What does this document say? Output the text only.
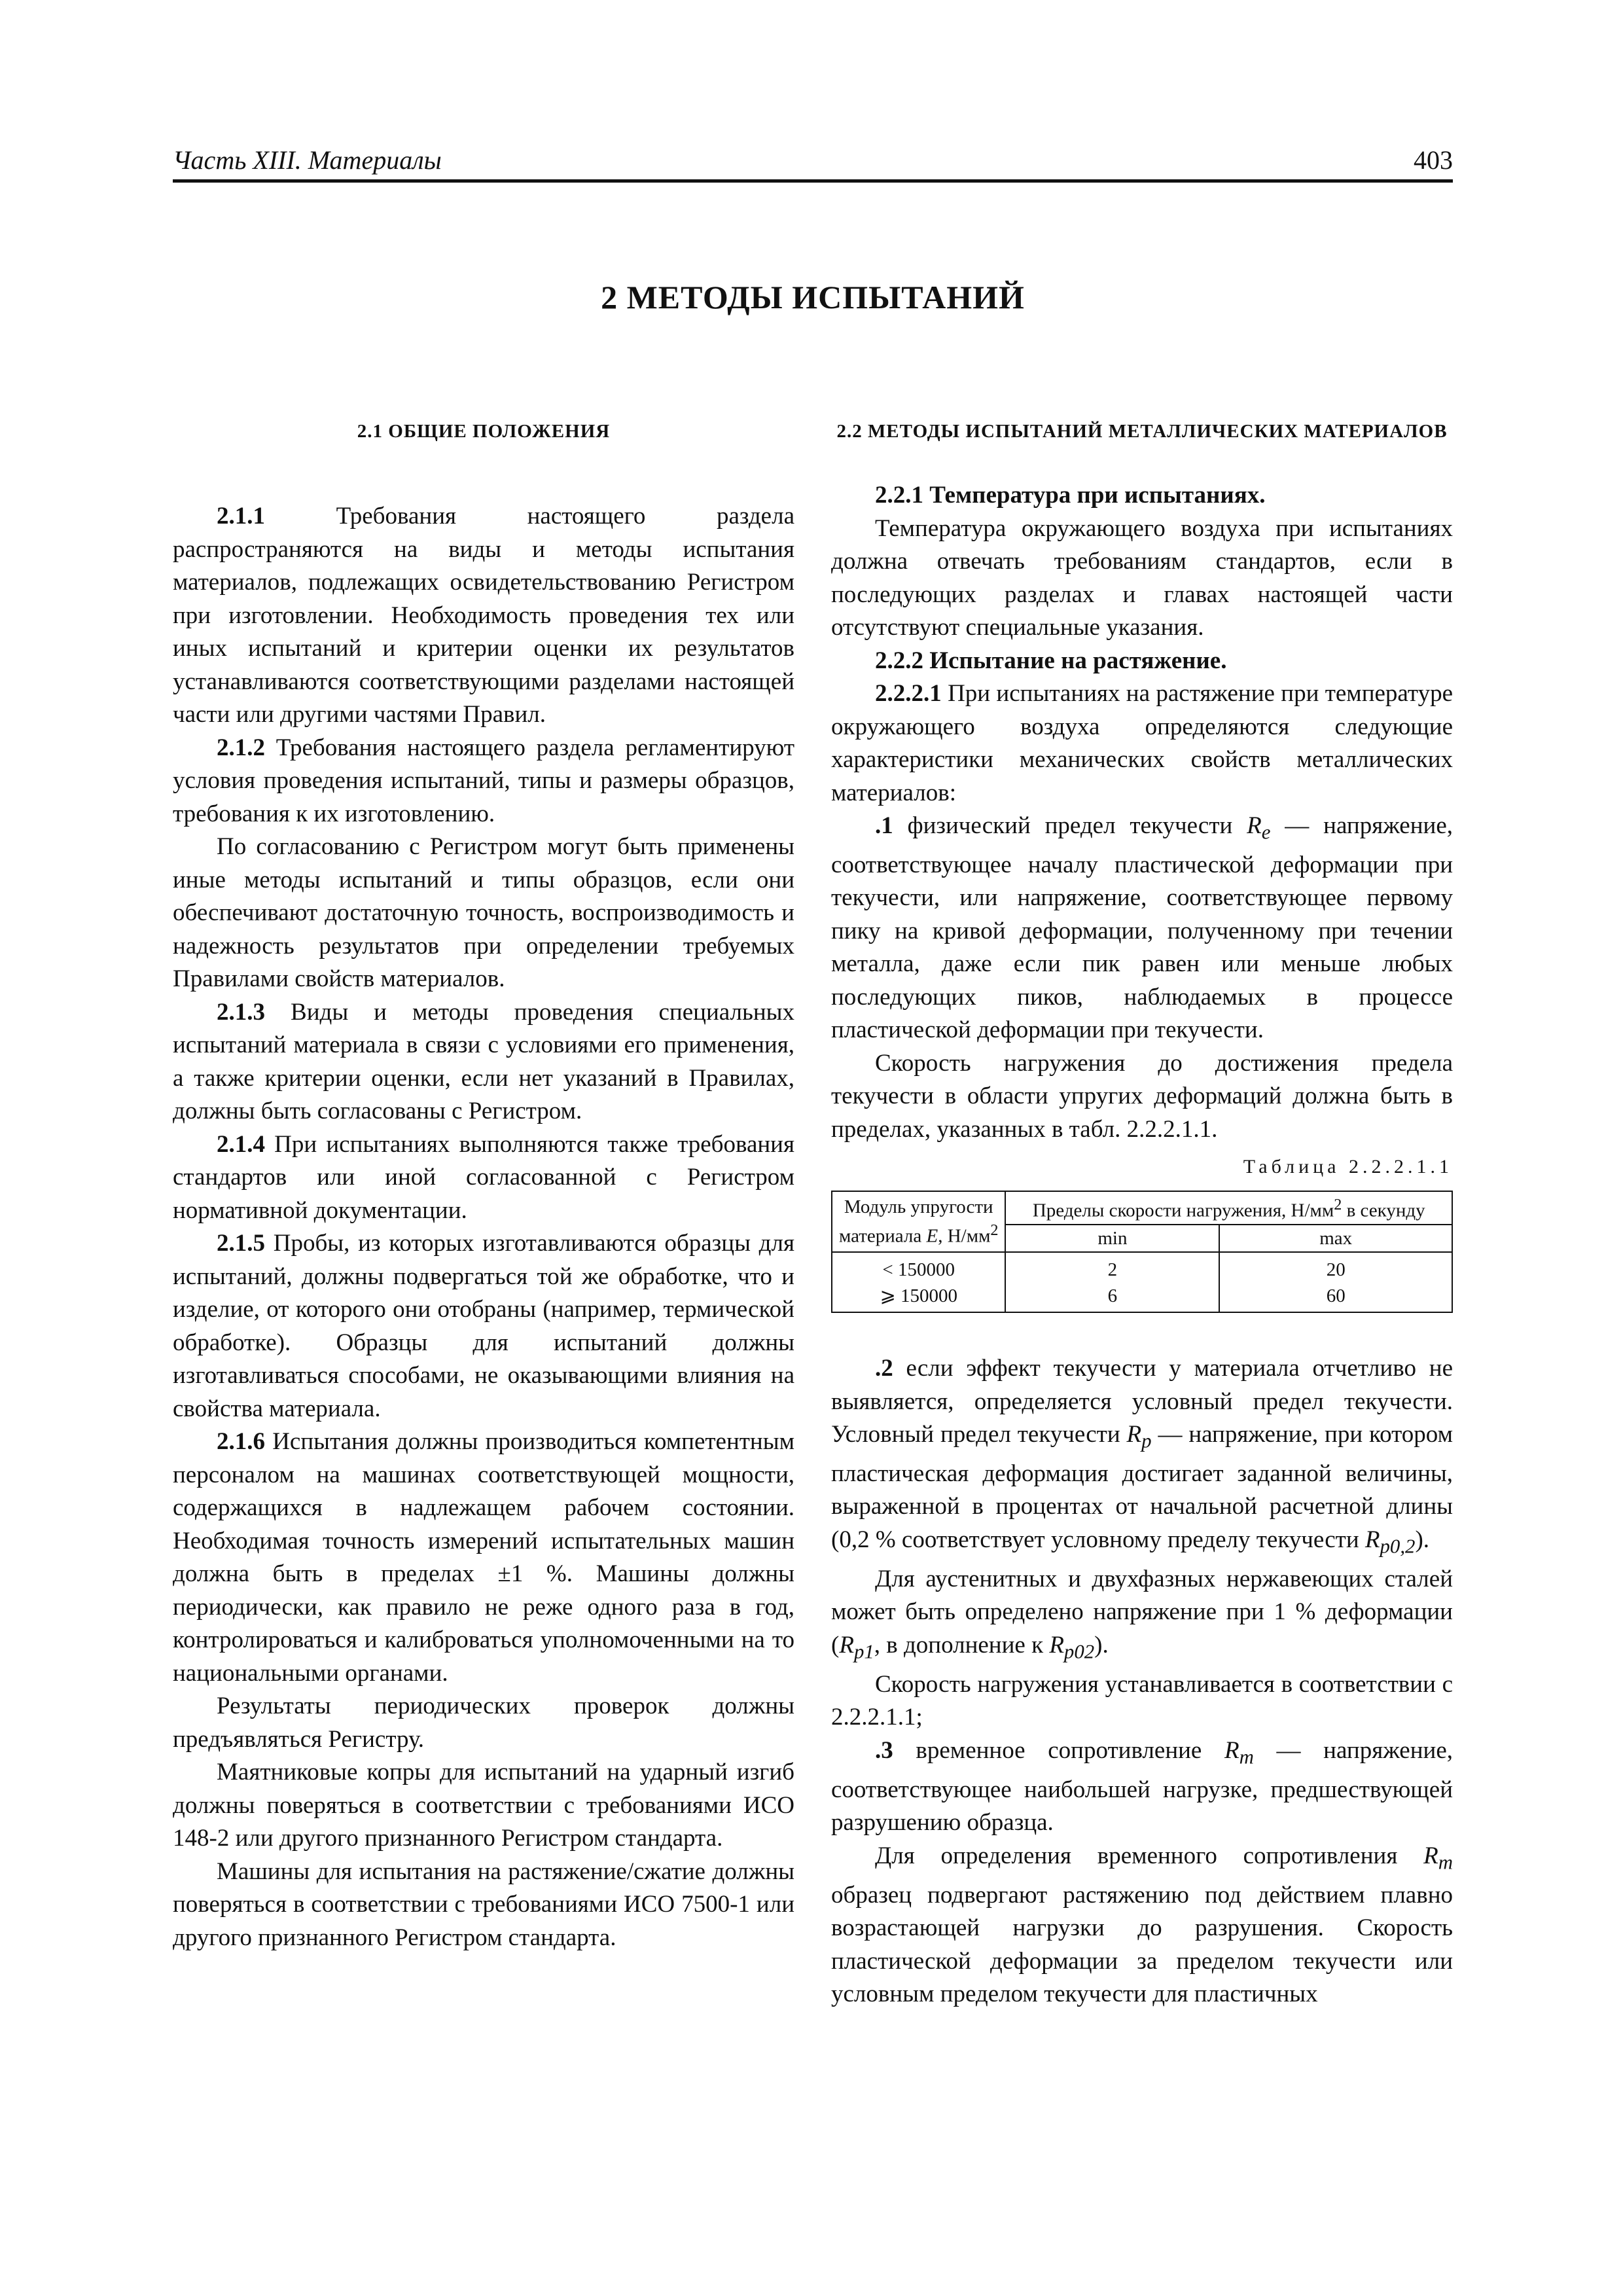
Часть XIII. Материалы	403
2 МЕТОДЫ ИСПЫТАНИЙ
2.1 ОБЩИЕ ПОЛОЖЕНИЯ

2.1.1 Требования настоящего раздела распространяются на виды и методы испытания материалов, подлежащих освидетельствованию Регистром при изготовлении. Необходимость проведения тех или иных испытаний и критерии оценки их результатов устанавливаются соответствующими разделами настоящей части или другими частями Правил.

2.1.2 Требования настоящего раздела регламентируют условия проведения испытаний, типы и размеры образцов, требования к их изготовлению.

По согласованию с Регистром могут быть применены иные методы испытаний и типы образцов, если они обеспечивают достаточную точность, воспроизводимость и надежность результатов при определении требуемых Правилами свойств материалов.

2.1.3 Виды и методы проведения специальных испытаний материала в связи с условиями его применения, а также критерии оценки, если нет указаний в Правилах, должны быть согласованы с Регистром.

2.1.4 При испытаниях выполняются также требования стандартов или иной согласованной с Регистром нормативной документации.

2.1.5 Пробы, из которых изготавливаются образцы для испытаний, должны подвергаться той же обработке, что и изделие, от которого они отобраны (например, термической обработке). Образцы для испытаний должны изготавливаться способами, не оказывающими влияния на свойства материала.

2.1.6 Испытания должны производиться компетентным персоналом на машинах соответствующей мощности, содержащихся в надлежащем рабочем состоянии. Необходимая точность измерений испытательных машин должна быть в пределах ±1 %. Машины должны периодически, как правило не реже одного раза в год, контролироваться и калиброваться уполномоченными на то национальными органами.

Результаты периодических проверок должны предъявляться Регистру.

Маятниковые копры для испытаний на ударный изгиб должны поверяться в соответствии с требованиями ИСО 148-2 или другого признанного Регистром стандарта.

Машины для испытания на растяжение/сжатие должны поверяться в соответствии с требованиями ИСО 7500-1 или другого признанного Регистром стандарта.

2.2 МЕТОДЫ ИСПЫТАНИЙ МЕТАЛЛИЧЕСКИХ МАТЕРИАЛОВ

2.2.1 Температура при испытаниях.

Температура окружающего воздуха при испытаниях должна отвечать требованиям стандартов, если в последующих разделах и главах настоящей части отсутствуют специальные указания.

2.2.2 Испытание на растяжение.

2.2.2.1 При испытаниях на растяжение при температуре окружающего воздуха определяются следующие характеристики механических свойств металлических материалов:

.1 физический предел текучести $R_e$ — напряжение, соответствующее началу пластической деформации при текучести, или напряжение, соответствующее первому пику на кривой деформации, полученному при течении металла, даже если пик равен или меньше любых последующих пиков, наблюдаемых в процессе пластической деформации при текучести.

Скорость нагружения до достижения предела текучести в области упругих деформаций должна быть в пределах, указанных в табл. 2.2.2.1.1.

Таблица 2.2.2.1.1
Модуль упругости
материала E, $Н/мм^2$	Пределы скорости нагружения, $Н/мм^2$ в секунду	
	min	max
< 150000	2	20
⩾ 150000	6	60

.2 если эффект текучести у материала отчетливо не выявляется, определяется условный предел текучести. Условный предел текучести $R_p$ — напряжение, при котором пластическая деформация достигает заданной величины, выраженной в процентах от начальной расчетной длины (0,2 % соответствует условному пределу текучести $R_{p0,2}$).

Для аустенитных и двухфазных нержавеющих сталей может быть определено напряжение при 1 % деформации ($R_{p1}$, в дополнение к $R_{p02}$).

Скорость нагружения устанавливается в соответствии с 2.2.2.1.1;

.3 временное сопротивление $R_m$ — напряжение, соответствующее наибольшей нагрузке, предшествующей разрушению образца.

Для определения временного сопротивления $R_m$ образец подвергают растяжению под действием плавно возрастающей нагрузки до разрушения. Скорость пластической деформации за пределом текучести или условным пределом текучести для пластичных
